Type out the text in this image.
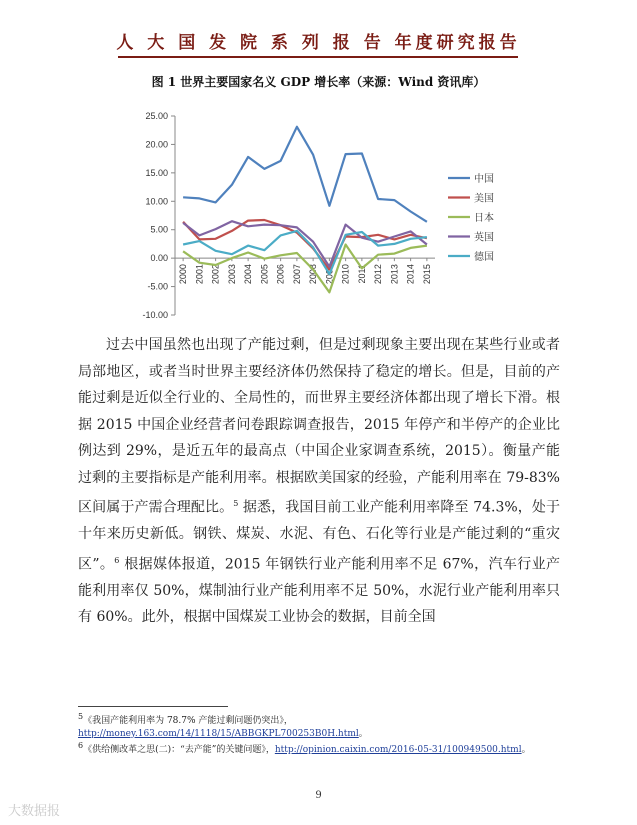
人 大 国 发 院 系 列 报 告 年度研究报告
图 1 世界主要国家名义 GDP 增长率（来源：Wind 资讯库）
25.00
20.00
15.00
10.00
5.00
0.00
-5.00
-10.00
2000 2001 2002 2003 2004 2005 2006 2007 2008 2009 2010 2011 2012 2013 2014 2015
中国
美国
日本
英国
德国

过去中国虽然也出现了产能过剩，但是过剩现象主要出现在某些行业或者局部地区，或者当时世界主要经济体仍然保持了稳定的增长。但是，目前的产能过剩是近似全行业的、全局性的，而世界主要经济体都出现了增长下滑。根据 2015 中国企业经营者问卷跟踪调查报告，2015 年停产和半停产的企业比例达到 29%，是近五年的最高点（中国企业家调查系统，2015）。衡量产能过剩的主要指标是产能利用率。根据欧美国家的经验，产能利用率在 79-83%区间属于产需合理配比。$^5$ 据悉，我国目前工业产能利用率降至 74.3%，处于十年来历史新低。钢铁、煤炭、水泥、有色、石化等行业是产能过剩的“重灾区”。$^6$ 根据媒体报道，2015 年钢铁行业产能利用率不足 67%，汽车行业产能利用率仅 50%，煤制油行业产能利用率不足 50%，水泥行业产能利用率只有 60%。此外，根据中国煤炭工业协会的数据，目前全国

$^5$《我国产能利用率为 78.7% 产能过剩问题仍突出》，
http://money.163.com/14/1118/15/ABBGKPL700253B0H.html。
$^6$《供给侧改革之思(二)：“去产能”的关键问题》，http://opinion.caixin.com/2016-05-31/100949500.html。
9
大数据报
